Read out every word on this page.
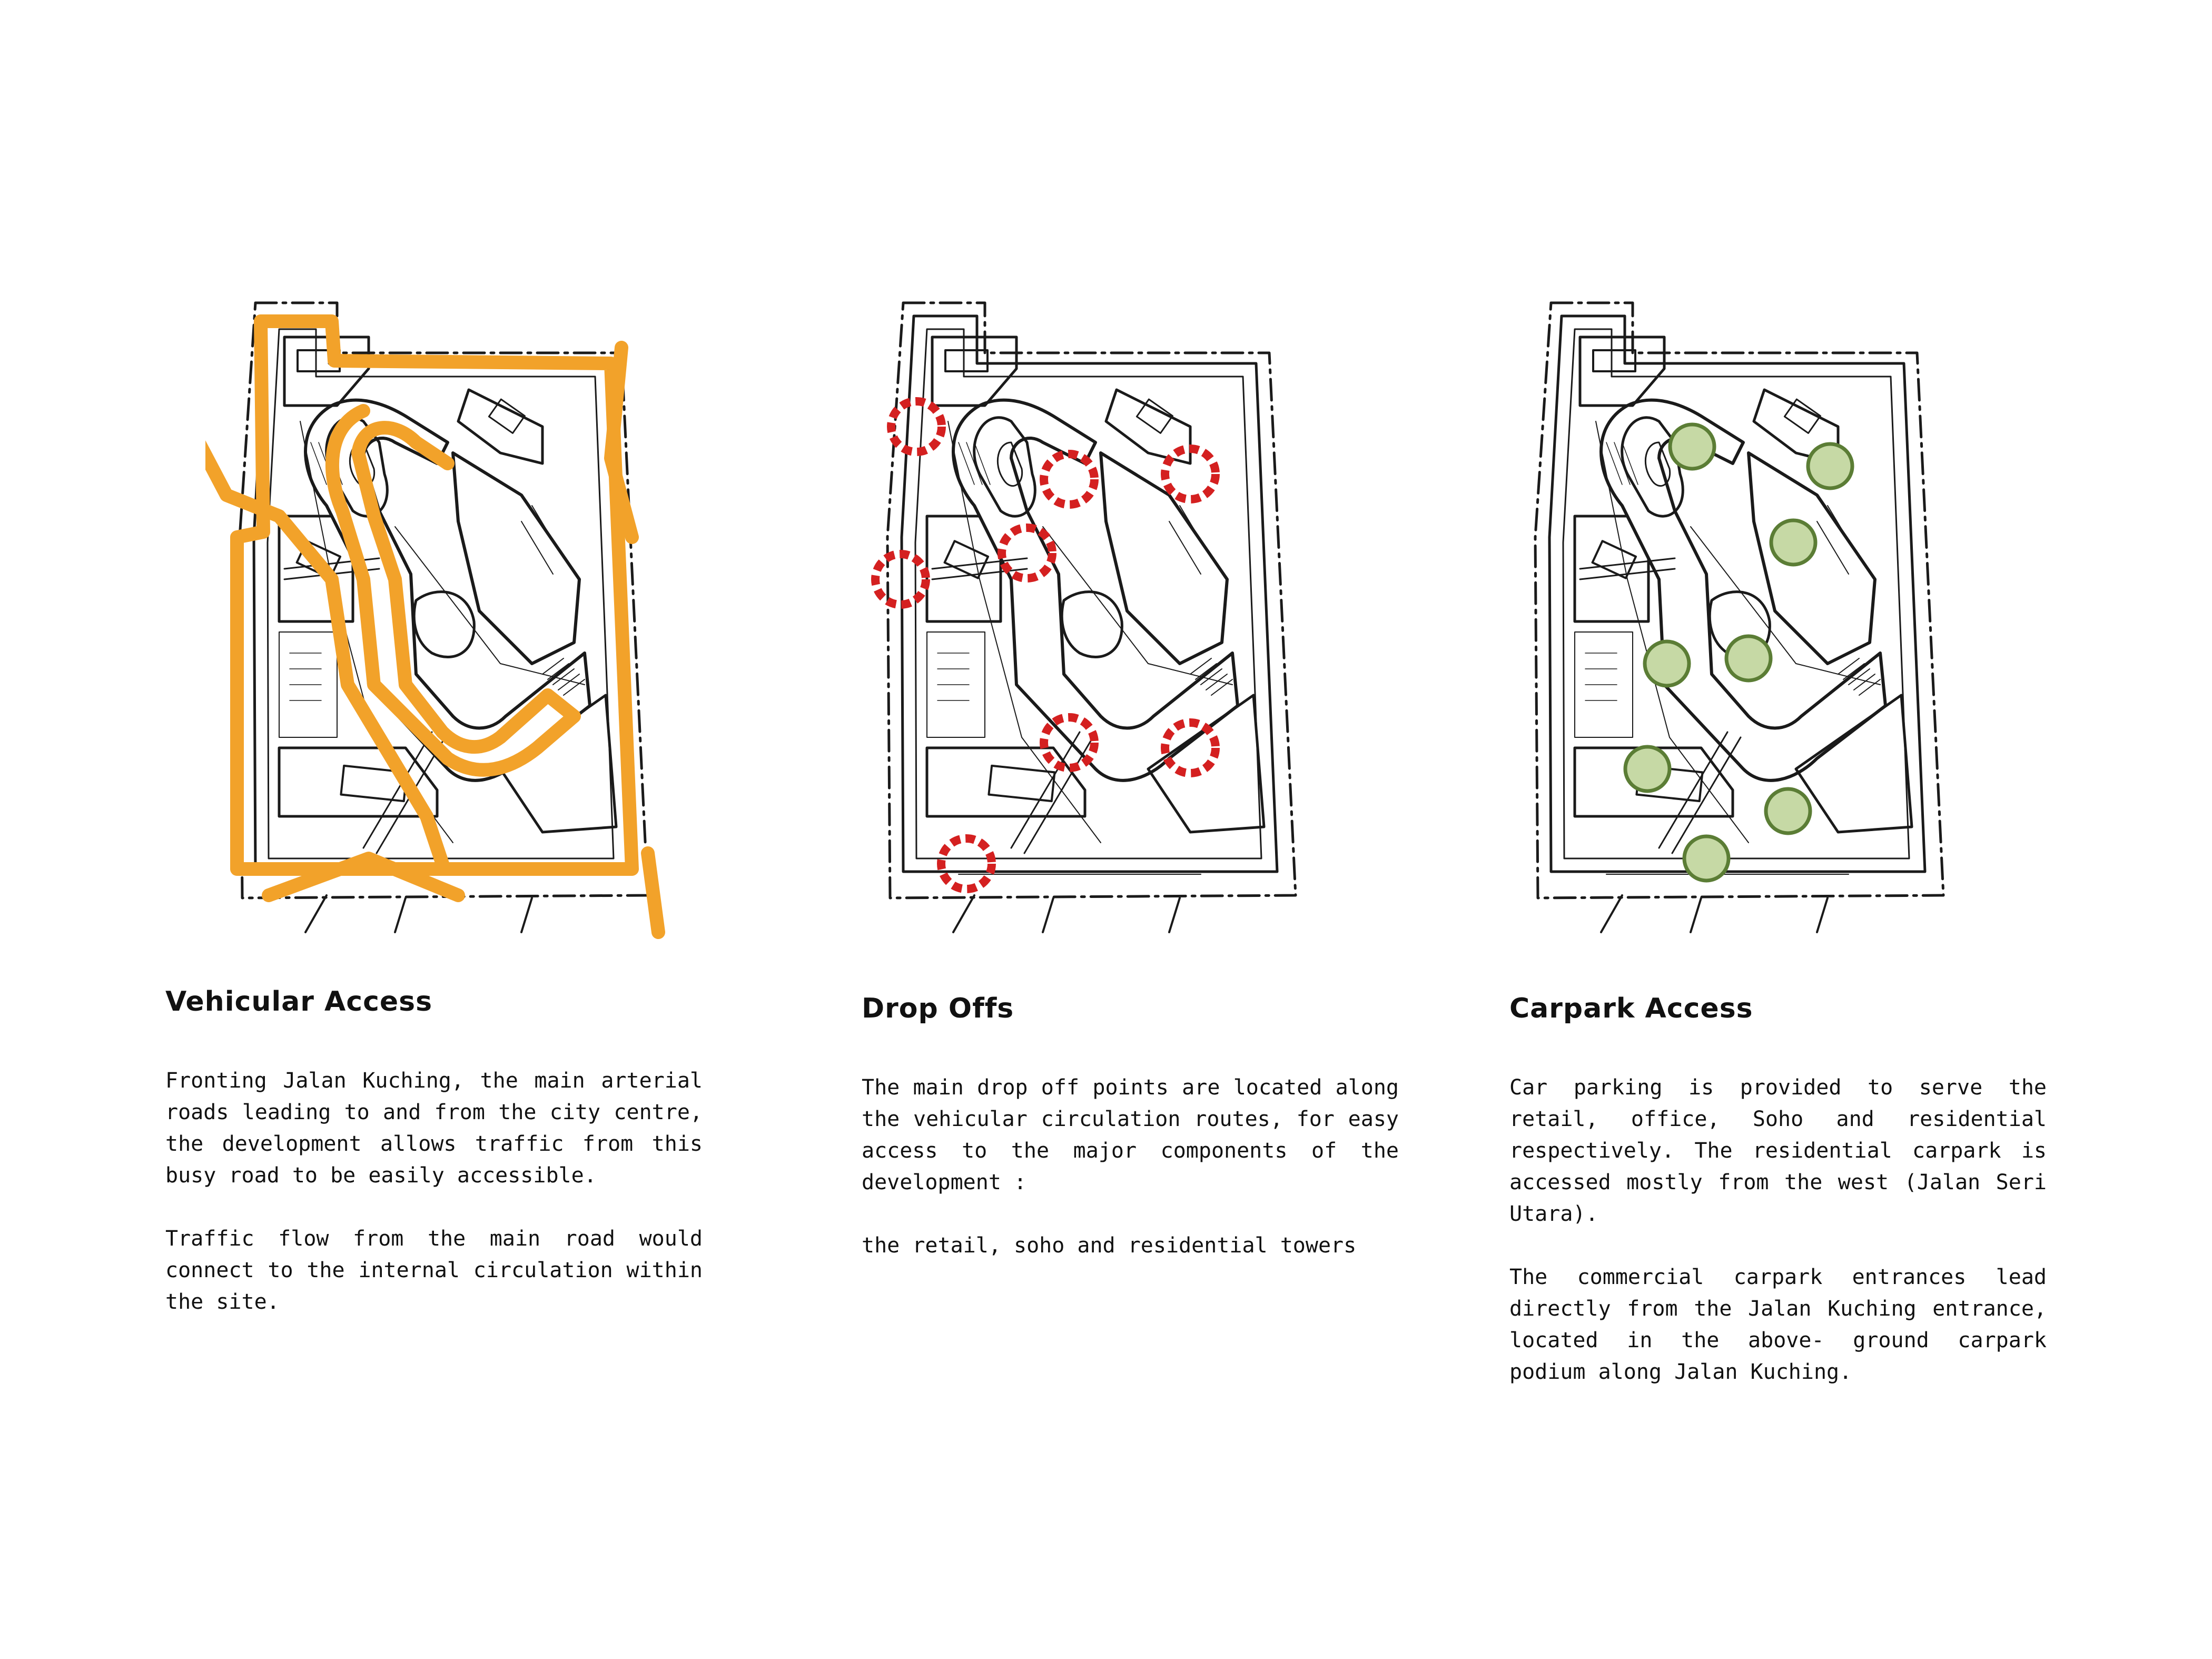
Vehicular Access

Fronting Jalan Kuching, the main arterial roads leading to and from the city centre, the development allows traffic from this busy road to be easily accessible.
Traffic flow from the main road would connect to the internal circulation within the site.

Drop Offs

The main drop off points are located along the vehicular circulation routes, for easy access to the major components of the development :
the retail, soho and residential towers

Carpark Access

Car parking is provided to serve the retail, office, Soho and residential respectively. The residential carpark is accessed mostly from the west (Jalan Seri Utara).
The commercial carpark entrances lead directly from the Jalan Kuching entrance, located in the above- ground carpark podium along Jalan Kuching.
